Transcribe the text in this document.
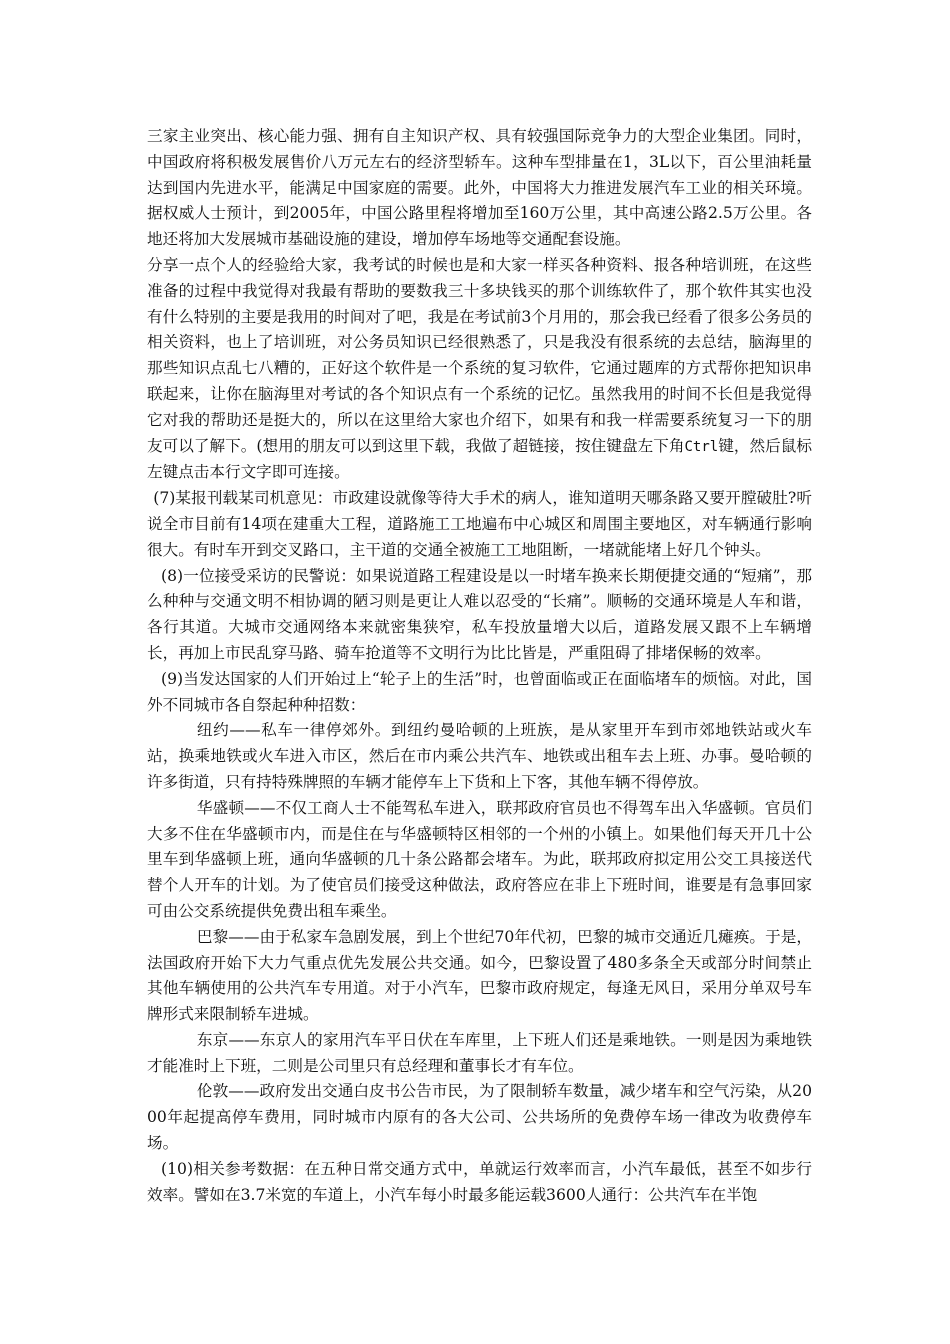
三家主业突出、核心能力强、拥有自主知识产权、具有较强国际竞争力的大型企业集团。同时，中国政府将积极发展售价八万元左右的经济型轿车。这种车型排量在1，3L以下，百公里油耗量达到国内先进水平，能满足中国家庭的需要。此外，中国将大力推进发展汽车工业的相关环境。据权威人士预计，到2005年，中国公路里程将增加至160万公里，其中高速公路2.5万公里。各地还将加大发展城市基础设施的建设，增加停车场地等交通配套设施。

分享一点个人的经验给大家，我考试的时候也是和大家一样买各种资料、报各种培训班，在这些准备的过程中我觉得对我最有帮助的要数我三十多块钱买的那个训练软件了，那个软件其实也没有什么特别的主要是我用的时间对了吧，我是在考试前3个月用的，那会我已经看了很多公务员的相关资料，也上了培训班，对公务员知识已经很熟悉了，只是我没有很系统的去总结，脑海里的那些知识点乱七八糟的，正好这个软件是一个系统的复习软件，它通过题库的方式帮你把知识串联起来，让你在脑海里对考试的各个知识点有一个系统的记忆。虽然我用的时间不长但是我觉得它对我的帮助还是挺大的，所以在这里给大家也介绍下，如果有和我一样需要系统复习一下的朋友可以了解下。(想用的朋友可以到这里下载，我做了超链接，按住键盘左下角Ctrl键，然后鼠标左键点击本行文字即可连接。

(7)某报刊载某司机意见：市政建设就像等待大手术的病人，谁知道明天哪条路又要开膛破肚?听说全市目前有14项在建重大工程，道路施工工地遍布中心城区和周围主要地区，对车辆通行影响很大。有时车开到交叉路口，主干道的交通全被施工工地阻断，一堵就能堵上好几个钟头。

(8)一位接受采访的民警说：如果说道路工程建设是以一时堵车换来长期便捷交通的“短痛”，那么种种与交通文明不相协调的陋习则是更让人难以忍受的“长痛”。顺畅的交通环境是人车和谐，各行其道。大城市交通网络本来就密集狭窄，私车投放量增大以后，道路发展又跟不上车辆增长，再加上市民乱穿马路、骑车抢道等不文明行为比比皆是，严重阻碍了排堵保畅的效率。

(9)当发达国家的人们开始过上“轮子上的生活”时，也曾面临或正在面临堵车的烦恼。对此，国外不同城市各自祭起种种招数：

纽约——私车一律停郊外。到纽约曼哈顿的上班族，是从家里开车到市郊地铁站或火车站，换乘地铁或火车进入市区，然后在市内乘公共汽车、地铁或出租车去上班、办事。曼哈顿的许多街道，只有持特殊牌照的车辆才能停车上下货和上下客，其他车辆不得停放。

华盛顿——不仅工商人士不能驾私车进入，联邦政府官员也不得驾车出入华盛顿。官员们大多不住在华盛顿市内，而是住在与华盛顿特区相邻的一个州的小镇上。如果他们每天开几十公里车到华盛顿上班，通向华盛顿的几十条公路都会堵车。为此，联邦政府拟定用公交工具接送代替个人开车的计划。为了使官员们接受这种做法，政府答应在非上下班时间，谁要是有急事回家可由公交系统提供免费出租车乘坐。

巴黎——由于私家车急剧发展，到上个世纪70年代初，巴黎的城市交通近几瘫痪。于是，法国政府开始下大力气重点优先发展公共交通。如今，巴黎设置了480多条全天或部分时间禁止其他车辆使用的公共汽车专用道。对于小汽车，巴黎市政府规定，每逢无风日，采用分单双号车牌形式来限制轿车进城。

东京——东京人的家用汽车平日伏在车库里，上下班人们还是乘地铁。一则是因为乘地铁才能准时上下班，二则是公司里只有总经理和董事长才有车位。

伦敦——政府发出交通白皮书公告市民，为了限制轿车数量，减少堵车和空气污染，从2000年起提高停车费用，同时城市内原有的各大公司、公共场所的免费停车场一律改为收费停车场。

(10)相关参考数据：在五种日常交通方式中，单就运行效率而言，小汽车最低，甚至不如步行效率。譬如在3.7米宽的车道上，小汽车每小时最多能运载3600人通行：公共汽车在半饱
